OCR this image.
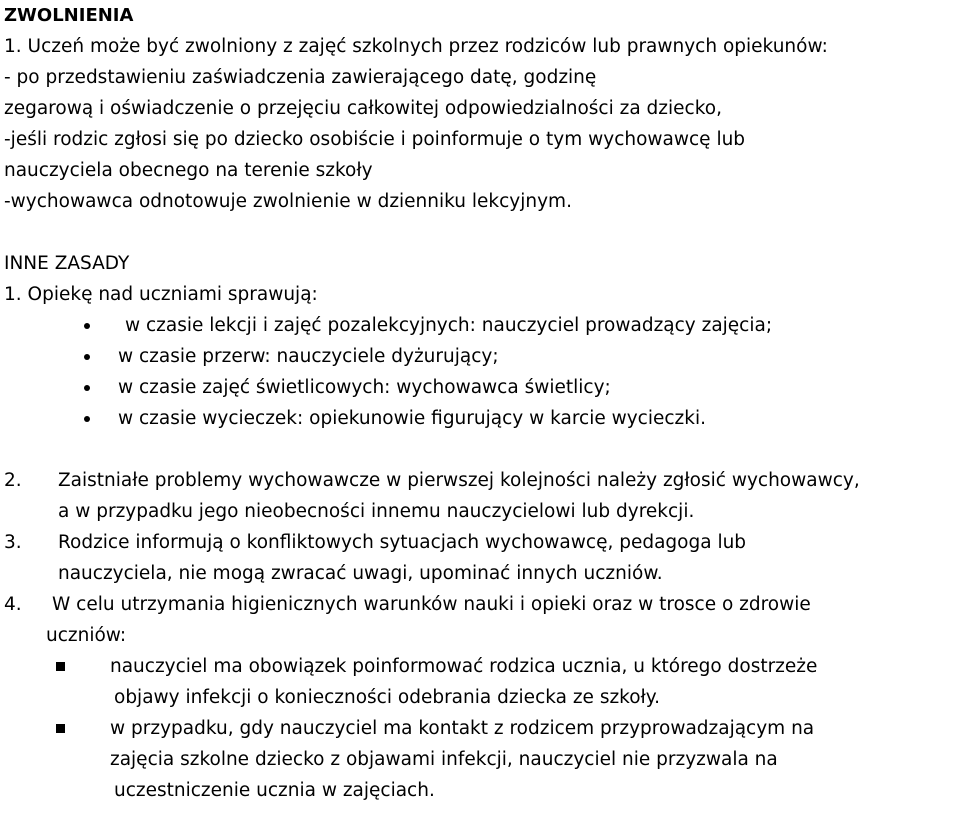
ZWOLNIENIA
1. Uczeń może być zwolniony z zajęć szkolnych przez rodziców lub prawnych opiekunów:
- po przedstawieniu zaświadczenia zawierającego datę, godzinę
zegarową i oświadczenie o przejęciu całkowitej odpowiedzialności za dziecko,
-jeśli rodzic zgłosi się po dziecko osobiście i poinformuje o tym wychowawcę lub
nauczyciela obecnego na terenie szkoły
-wychowawca odnotowuje zwolnienie w dzienniku lekcyjnym.
INNE ZASADY
1. Opiekę nad uczniami sprawują:
w czasie lekcji i zajęć pozalekcyjnych: nauczyciel prowadzący zajęcia;
w czasie przerw: nauczyciele dyżurujący;
w czasie zajęć świetlicowych: wychowawca świetlicy;
w czasie wycieczek: opiekunowie figurujący w karcie wycieczki.
2. Zaistniałe problemy wychowawcze w pierwszej kolejności należy zgłosić wychowawcy,
a w przypadku jego nieobecności innemu nauczycielowi lub dyrekcji.
3. Rodzice informują o konfliktowych sytuacjach wychowawcę, pedagoga lub
nauczyciela, nie mogą zwracać uwagi, upominać innych uczniów.
4. W celu utrzymania higienicznych warunków nauki i opieki oraz w trosce o zdrowie
uczniów:
nauczyciel ma obowiązek poinformować rodzica ucznia, u którego dostrzeże
objawy infekcji o konieczności odebrania dziecka ze szkoły.
w przypadku, gdy nauczyciel ma kontakt z rodzicem przyprowadzającym na
zajęcia szkolne dziecko z objawami infekcji, nauczyciel nie przyzwala na
uczestniczenie ucznia w zajęciach.
